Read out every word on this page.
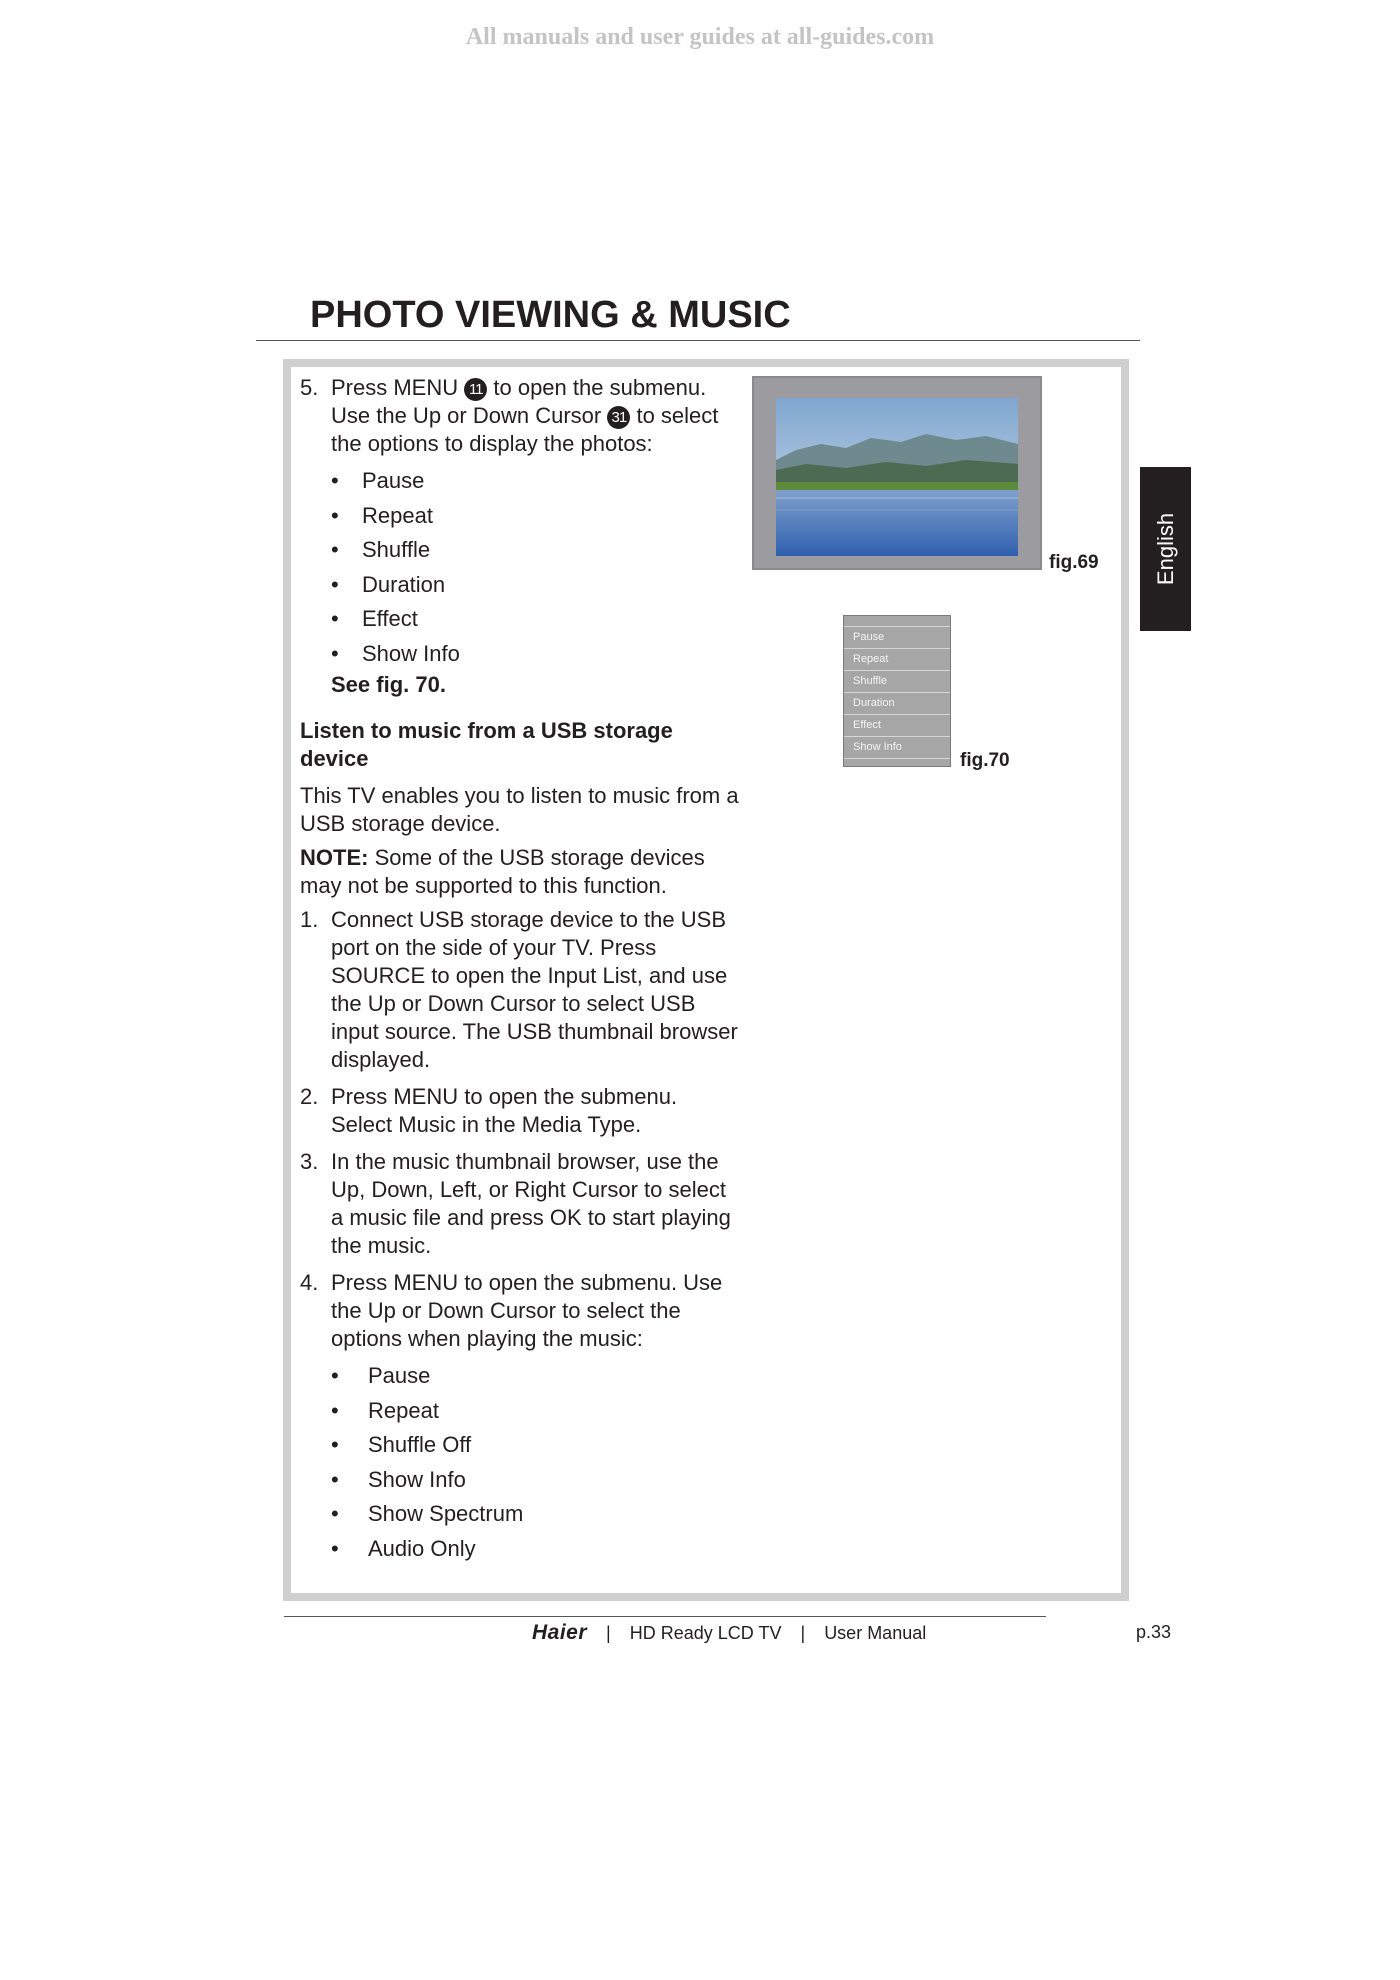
All manuals and user guides at all-guides.com
PHOTO VIEWING & MUSIC
5. Press MENU 11 to open the submenu. Use the Up or Down Cursor 31 to select the options to display the photos:
• Pause
• Repeat
• Shuffle
• Duration
• Effect
• Show Info

See fig. 70.

Listen to music from a USB storage device

This TV enables you to listen to music from a USB storage device.

NOTE: Some of the USB storage devices may not be supported to this function.

1. Connect USB storage device to the USB port on the side of your TV. Press SOURCE to open the Input List, and use the Up or Down Cursor to select USB input source. The USB thumbnail browser displayed.
2. Press MENU to open the submenu. Select Music in the Media Type.
3. In the music thumbnail browser, use the Up, Down, Left, or Right Cursor to select a music file and press OK to start playing the music.
4. Press MENU to open the submenu. Use the Up or Down Cursor to select the options when playing the music:
• Pause
• Repeat
• Shuffle Off
• Show Info
• Show Spectrum
• Audio Only
fig.69
Pause
Repeat
Shuffle
Duration
Effect
Show Info
fig.70
English
Haier | HD Ready LCD TV | User Manual	p.33
